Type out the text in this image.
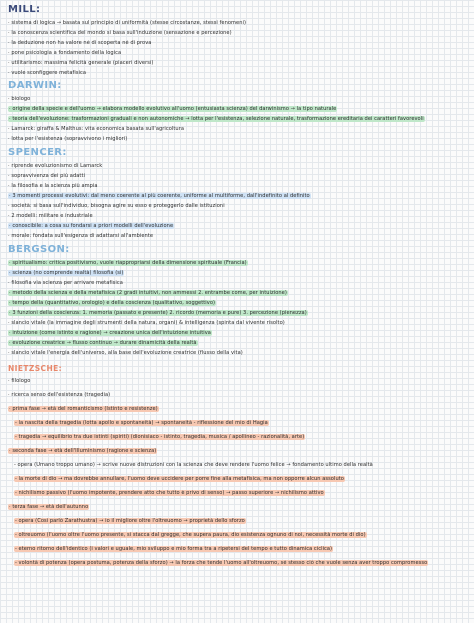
MILL:
· sistema di logica → basata sul principio di uniformità (stesse circostanze, stessi fenomeni)
· la conoscenza scientifica del mondo si basa sull'induzione (sensazione e percezione)
· la deduzione non ha valore né di scoperta né di prova
· pone psicologia a fondamento della logica
· utilitarismo: massima felicità generale (piaceri diversi)
· vuole sconfiggere metafisica
DARWIN:
· biologo
· origine della specie e dell'uomo → elabora modello evolutivo all'uomo (entusiasta scienza) del darwinismo → la tipo naturale
· teoria dell'evoluzione: trasformazioni graduali e non autonomiche → lotta per l'esistenza, selezione naturale, trasformazione ereditaria dei caratteri favorevoli
· Lamarck: giraffa & Malthus: vita economica basata sull'agricoltura
· lotta per l'esistenza (sopravvivono i migliori)
SPENCER:
· riprende evoluzionismo di Lamarck
· sopravvivenza dei più adatti
· la filosofia e la scienza più ampia
· 3 momenti processi evolutivi: dal meno coerente al più coerente, uniforme al multiforme, dall'indefinito al definito
· società: si basa sull'individuo, bisogna agire su esso e proteggerlo dalle istituzioni
· 2 modelli: militare e industriale
· conoscibile: a cosa su fondarsi a priori modelli dell'evoluzione
· morale: fondata sull'esigenza di adattarsi all'ambiente
BERGSON:
· spiritualismo: critica positivismo, vuole riappropriarsi della dimensione spirituale (Francia)
· scienza (no comprende realtà) filosofia (sì)
· filosofia via scienza per arrivare metafisica
· metodo della scienza e della metafisica (2 gradi intuitivi, non ammessi 2. entrambe come, per intuizione)
· tempo della (quantitativo, orologio) e della coscienza (qualitativo, soggettivo)
· 3 funzioni della coscienza: 1. memoria (passato e presente) 2. ricordo (memoria e pure) 3. percezione (pienezza)
· slancio vitale (la immagine degli strumenti della natura, organi) & intelligenza (spinta dal vivente risolto)
· intuizione (come istinto e ragione) → creazione unica dell'intuizione intuitiva
· evoluzione creatrice → flusso continuo → durare dinamicità della realtà
· slancio vitale l'energia dell'universo, alla base dell'evoluzione creatrice (flusso della vita)
NIETZSCHE:
· filologo
· ricerca senso dell'esistenza (tragedia)
· prima fase → età del romanticismo (Istinto e resistenze)
- la nascita della tragedia (lotta apollo e spontaneità) → spontaneità - riflessione del mio di Hagia
- tragedia → equilibrio tra due istinti (spiriti) (dionisiaco - istinto, tragedia, musica / apollineo - razionalità, arte)
· seconda fase → età dell'Illuminismo (ragione e scienza)
- opera (Umano troppo umano) → scrive nuove distruzioni con la scienza che deve rendere l'uomo felice → fondamento ultimo della realtà
- la morte di dio → ma dovrebbe annullare, l'uomo deve uccidere per porre fine alla metafisica, ma non opporre alcun assoluto
- nichilismo passivo (l'uomo impotente, prendere atto che tutto è privo di senso) → passo superiore → nichilismo attivo
· terza fase → età dell'autunno
- opera (Così parlò Zarathustra) → io il migliore oltre l'oltreuomo → proprietà dello sforzo
- oltreuomo (l'uomo oltre l'uomo presente, si stacca dal gregge, che supera paura, dio esistenza ognuno di noi, necessità morte di dio)
- eterno ritorno dell'identico (i valori e uguale, mio sviluppo e mio forma tra a ripetersi del tempo e tutto dinamica ciclica)
- volontà di potenza (opera postuma, potenza della sforzo) → la forza che tende l'uomo all'oltreuomo, sé stesso ciò che vuole senza aver troppo compromesso
